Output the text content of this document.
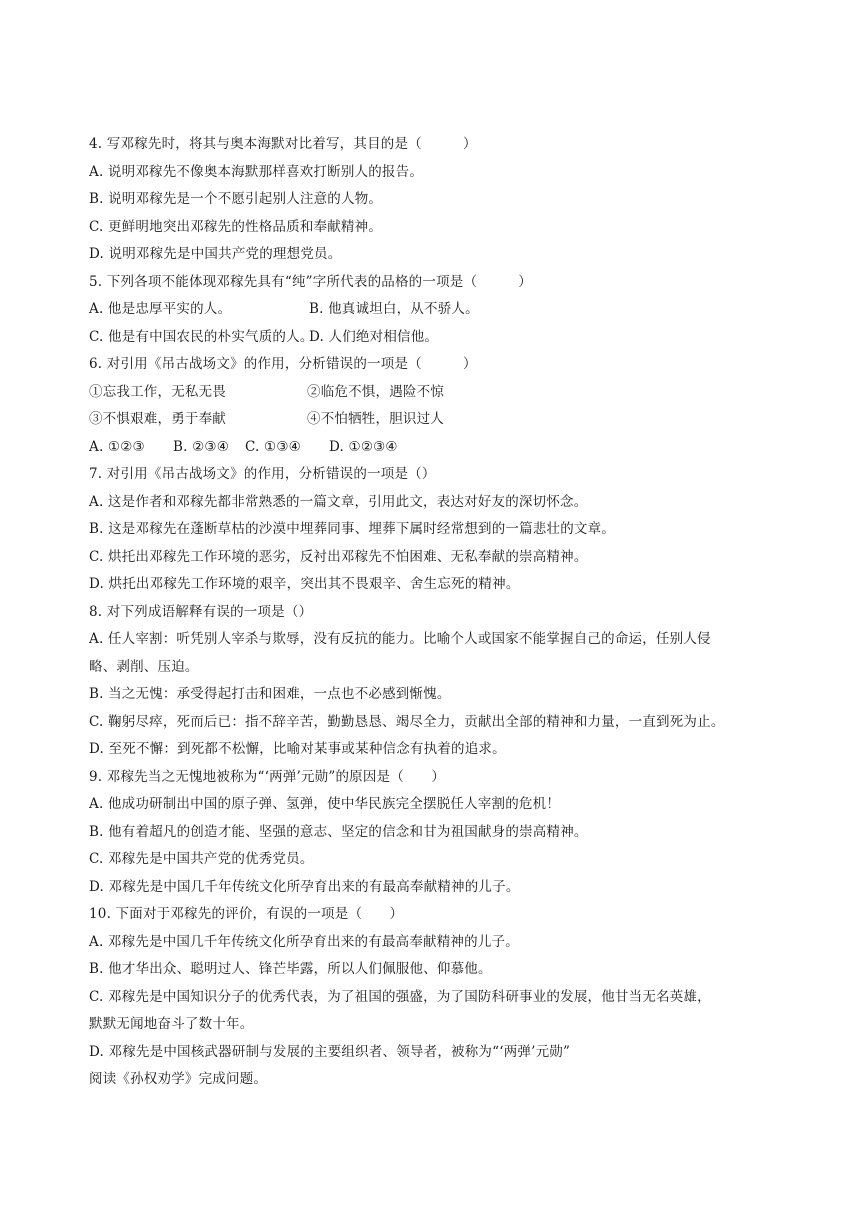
4. 写邓稼先时，将其与奥本海默对比着写，其目的是（　　　）
A. 说明邓稼先不像奥本海默那样喜欢打断别人的报告。
B. 说明邓稼先是一个不愿引起别人注意的人物。
C. 更鲜明地突出邓稼先的性格品质和奉献精神。
D. 说明邓稼先是中国共产党的理想党员。
5. 下列各项不能体现邓稼先具有“纯”字所代表的品格的一项是（　　　）
A. 他是忠厚平实的人。	B. 他真诚坦白，从不骄人。
C. 他是有中国农民的朴实气质的人。
D. 人们绝对相信他。
6. 对引用《吊古战场文》的作用，分析错误的一项是（　　　）
①忘我工作，无私无畏	②临危不惧，遇险不惊
③不惧艰难，勇于奉献	④不怕牺牲，胆识过人
A. ①②③	B. ②③④	C. ①③④	D. ①②③④
7. 对引用《吊古战场文》的作用，分析错误的一项是（）
A. 这是作者和邓稼先都非常熟悉的一篇文章，引用此文，表达对好友的深切怀念。
B. 这是邓稼先在蓬断草枯的沙漠中埋葬同事、埋葬下属时经常想到的一篇悲壮的文章。
C. 烘托出邓稼先工作环境的恶劣，反衬出邓稼先不怕困难、无私奉献的崇高精神。
D. 烘托出邓稼先工作环境的艰辛，突出其不畏艰辛、舍生忘死的精神。
8. 对下列成语解释有误的一项是（）
A. 任人宰割：听凭别人宰杀与欺辱，没有反抗的能力。比喻个人或国家不能掌握自己的命运，任别人侵
略、剥削、压迫。
B. 当之无愧：承受得起打击和困难，一点也不必感到惭愧。
C. 鞠躬尽瘁，死而后已：指不辞辛苦，勤勤恳恳、竭尽全力，贡献出全部的精神和力量，一直到死为止。
D. 至死不懈：到死都不松懈，比喻对某事或某种信念有执着的追求。
9. 邓稼先当之无愧地被称为“‘两弹’元勋”的原因是（　　）
A. 他成功研制出中国的原子弹、氢弹，使中华民族完全摆脱任人宰割的危机！
B. 他有着超凡的创造才能、坚强的意志、坚定的信念和甘为祖国献身的崇高精神。
C. 邓稼先是中国共产党的优秀党员。
D. 邓稼先是中国几千年传统文化所孕育出来的有最高奉献精神的儿子。
10. 下面对于邓稼先的评价，有误的一项是（　　）
A. 邓稼先是中国几千年传统文化所孕育出来的有最高奉献精神的儿子。
B. 他才华出众、聪明过人、锋芒毕露，所以人们佩服他、仰慕他。
C. 邓稼先是中国知识分子的优秀代表，为了祖国的强盛，为了国防科研事业的发展，他甘当无名英雄，
默默无闻地奋斗了数十年。
D. 邓稼先是中国核武器研制与发展的主要组织者、领导者，被称为“‘两弹’元勋”
阅读《孙权劝学》完成问题。
